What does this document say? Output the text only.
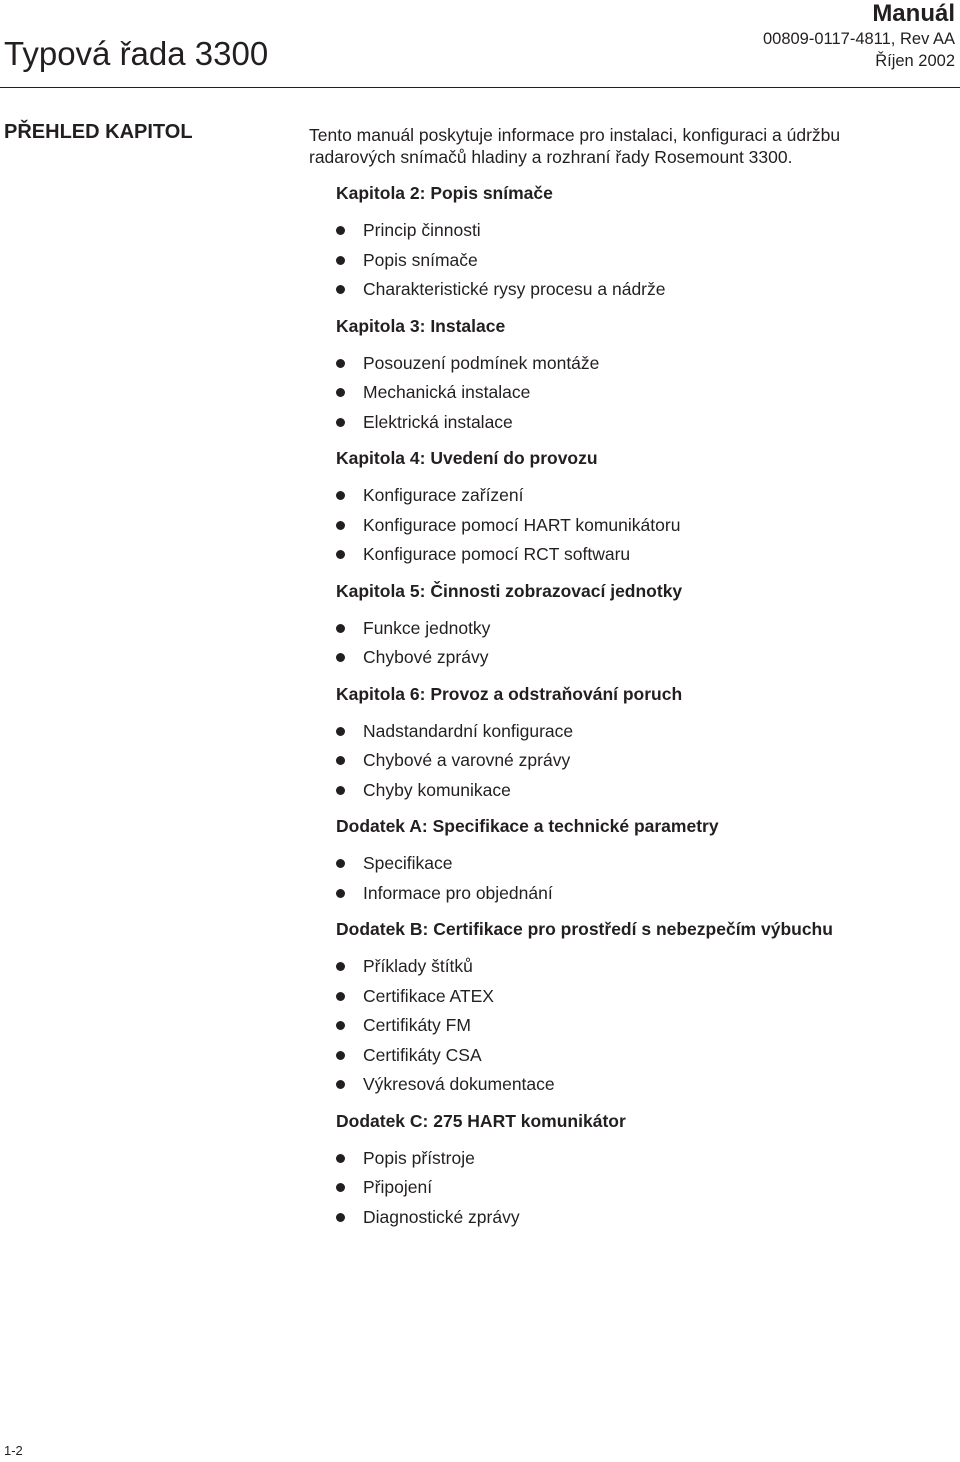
Typová řada 3300
Manuál
00809-0117-4811, Rev AA
Říjen 2002
PŘEHLED KAPITOL	Tento manuál poskytuje informace pro instalaci, konfiguraci a údržbu radarových snímačů hladiny a rozhraní řady Rosemount 3300.

Kapitola 2: Popis snímače
Princip činnosti
Popis snímače
Charakteristické rysy procesu a nádrže
Kapitola 3: Instalace
Posouzení podmínek montáže
Mechanická instalace
Elektrická instalace
Kapitola 4: Uvedení do provozu
Konfigurace zařízení
Konfigurace pomocí HART komunikátoru
Konfigurace pomocí RCT softwaru
Kapitola 5: Činnosti zobrazovací jednotky
Funkce jednotky
Chybové zprávy
Kapitola 6: Provoz a odstraňování poruch
Nadstandardní konfigurace
Chybové a varovné zprávy
Chyby komunikace
Dodatek A: Specifikace a technické parametry
Specifikace
Informace pro objednání
Dodatek B: Certifikace pro prostředí s nebezpečím výbuchu
Příklady štítků
Certifikace ATEX
Certifikáty FM
Certifikáty CSA
Výkresová dokumentace
Dodatek C: 275 HART komunikátor
Popis přístroje
Připojení
Diagnostické zprávy
1-2
